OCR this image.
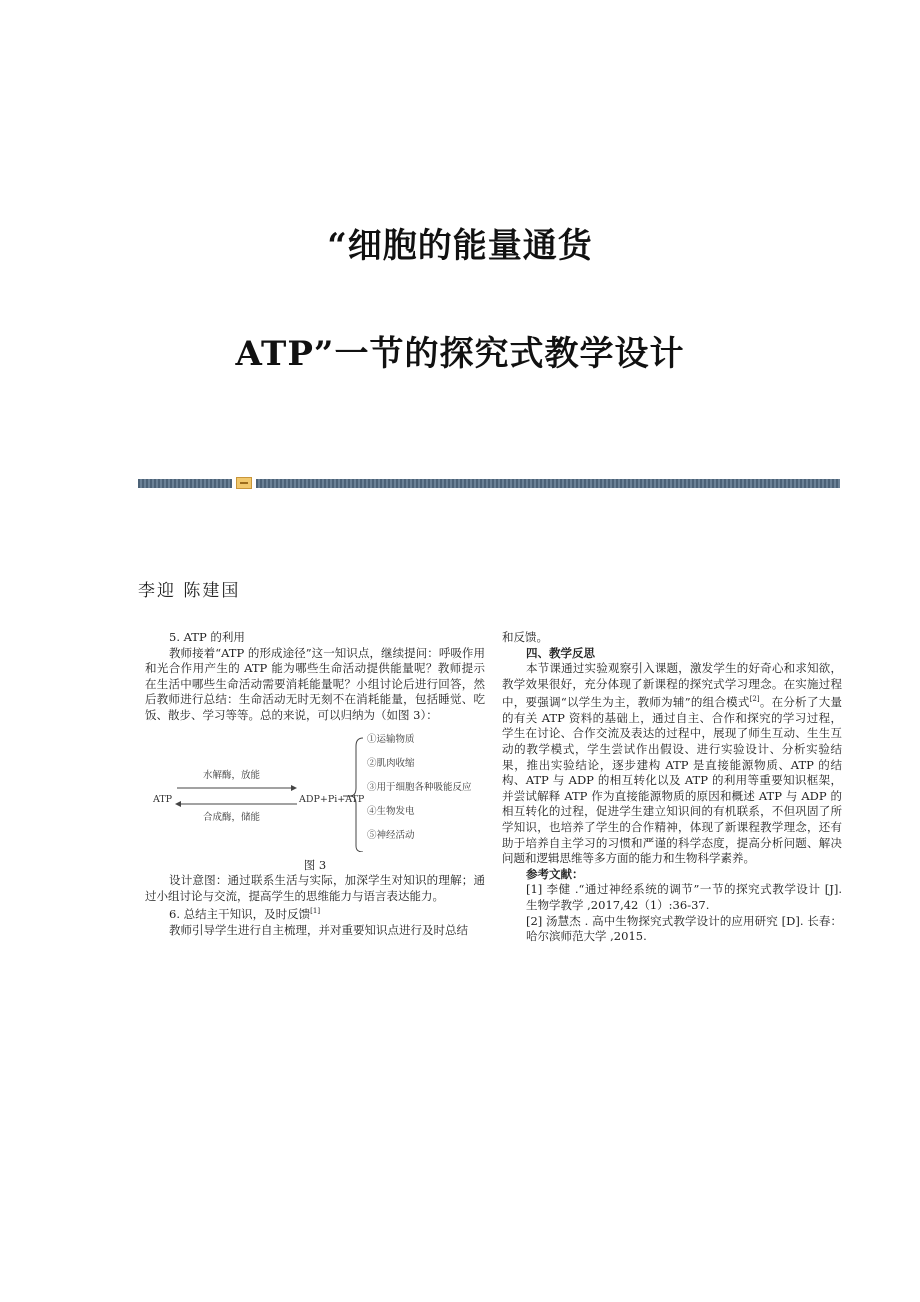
“细胞的能量通货
ATP”一节的探究式教学设计
李迎 陈建国

5. ATP 的利用

教师接着“ATP 的形成途径”这一知识点，继续提问：呼吸作用和光合作用产生的 ATP 能为哪些生命活动提供能量呢？教师提示在生活中哪些生命活动需要消耗能量呢？小组讨论后进行回答，然后教师进行总结：生命活动无时无刻不在消耗能量，包括睡觉、吃饭、散步、学习等等。总的来说，可以归纳为（如图 3）：

ATP
水解酶，放能
合成酶，储能
ADP+Pi+ATP
①运输物质
②肌肉收缩
③用于细胞各种吸能反应
④生物发电
⑤神经活动

图 3

设计意图：通过联系生活与实际，加深学生对知识的理解；通过小组讨论与交流，提高学生的思维能力与语言表达能力。

6. 总结主干知识，及时反馈[1]

教师引导学生进行自主梳理，并对重要知识点进行及时总结

和反馈。

四、教学反思

本节课通过实验观察引入课题，激发学生的好奇心和求知欲，教学效果很好，充分体现了新课程的探究式学习理念。在实施过程中，要强调“以学生为主，教师为辅”的组合模式[2]。在分析了大量的有关 ATP 资料的基础上，通过自主、合作和探究的学习过程，学生在讨论、合作交流及表达的过程中，展现了师生互动、生生互动的教学模式，学生尝试作出假设、进行实验设计、分析实验结果，推出实验结论，逐步建构 ATP 是直接能源物质、ATP 的结构、ATP 与 ADP 的相互转化以及 ATP 的利用等重要知识框架，并尝试解释 ATP 作为直接能源物质的原因和概述 ATP 与 ADP 的相互转化的过程，促进学生建立知识间的有机联系，不但巩固了所学知识，也培养了学生的合作精神，体现了新课程教学理念，还有助于培养自主学习的习惯和严谨的科学态度，提高分析问题、解决问题和逻辑思维等多方面的能力和生物科学素养。

参考文献：

[1] 李健 .“通过神经系统的调节”一节的探究式教学设计 [J]. 生物学教学 ,2017,42（1）:36-37.

[2] 汤慧杰 . 高中生物探究式教学设计的应用研究 [D]. 长春：哈尔滨师范大学 ,2015.
